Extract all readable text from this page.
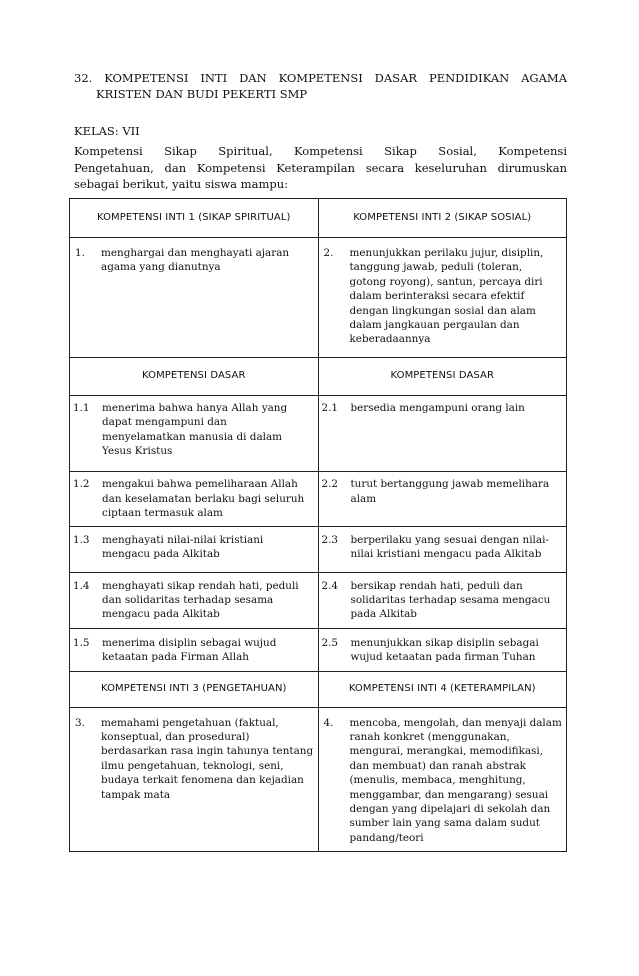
32. KOMPETENSI INTI DAN KOMPETENSI DASAR PENDIDIKAN AGAMA
KRISTEN DAN BUDI PEKERTI SMP
KELAS: VII
Kompetensi Sikap Spiritual, Kompetensi Sikap Sosial, Kompetensi
Pengetahuan, dan Kompetensi Keterampilan secara keseluruhan dirumuskan
sebagai berikut, yaitu siswa mampu:
KOMPETENSI INTI 1 (SIKAP SPIRITUAL)	KOMPETENSI INTI 2 (SIKAP SOSIAL)

1. menghargai dan menghayati ajaran agama yang dianutnya	2. menunjukkan perilaku jujur, disiplin, tanggung jawab, peduli (toleran, gotong royong), santun, percaya diri dalam berinteraksi secara efektif dengan lingkungan sosial dan alam dalam jangkauan pergaulan dan keberadaannya

KOMPETENSI DASAR	KOMPETENSI DASAR

1.1 menerima bahwa hanya Allah yang dapat mengampuni dan menyelamatkan manusia di dalam Yesus Kristus	2.1 bersedia mengampuni orang lain

1.2 mengakui bahwa pemeliharaan Allah dan keselamatan berlaku bagi seluruh ciptaan termasuk alam	2.2 turut bertanggung jawab memelihara alam

1.3 menghayati nilai-nilai kristiani mengacu pada Alkitab	2.3 berperilaku yang sesuai dengan nilai-nilai kristiani mengacu pada Alkitab

1.4 menghayati sikap rendah hati, peduli dan solidaritas terhadap sesama mengacu pada Alkitab	2.4 bersikap rendah hati, peduli dan solidaritas terhadap sesama mengacu pada Alkitab

1.5 menerima disiplin sebagai wujud ketaatan pada Firman Allah	2.5 menunjukkan sikap disiplin sebagai wujud ketaatan pada firman Tuhan

KOMPETENSI INTI 3 (PENGETAHUAN)	KOMPETENSI INTI 4 (KETERAMPILAN)

3. memahami pengetahuan (faktual, konseptual, dan prosedural) berdasarkan rasa ingin tahunya tentang ilmu pengetahuan, teknologi, seni, budaya terkait fenomena dan kejadian tampak mata	4. mencoba, mengolah, dan menyaji dalam ranah konkret (menggunakan, mengurai, merangkai, memodifikasi, dan membuat) dan ranah abstrak (menulis, membaca, menghitung, menggambar, dan mengarang) sesuai dengan yang dipelajari di sekolah dan sumber lain yang sama dalam sudut pandang/teori
